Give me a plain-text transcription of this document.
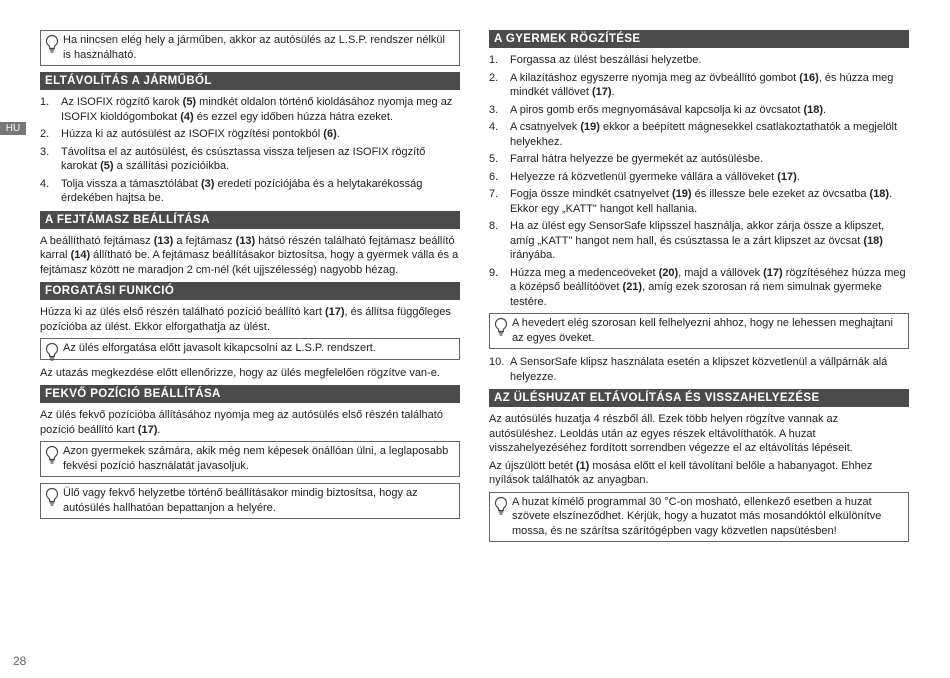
HU
Ha nincsen elég hely a járműben, akkor az autósülés az L.S.P. rendszer nélkül is használható.
ELTÁVOLÍTÁS A JÁRMŰBŐL
1. Az ISOFIX rögzítő karok (5) mindkét oldalon történő kioldásához nyomja meg az ISOFIX kioldógombokat (4) és ezzel egy időben húzza hátra ezeket.
2. Húzza ki az autósülést az ISOFIX rögzítési pontokból (6).
3. Távolítsa el az autósülést, és csúsztassa vissza teljesen az ISOFIX rögzítő karokat (5) a szállítási pozícióikba.
4. Tolja vissza a támasztólábat (3) eredeti pozíciójába és a helytakarékosság érdekében hajtsa be.
A FEJTÁMASZ BEÁLLÍTÁSA
A beállítható fejtámasz (13) a fejtámasz (13) hátsó részén található fejtámasz beállító karral (14) állítható be. A fejtámasz beállításakor biztosítsa, hogy a gyermek válla és a fejtámasz között ne maradjon 2 cm-nél (két ujjszélesség) nagyobb hézag.
FORGATÁSI FUNKCIÓ
Húzza ki az ülés első részén található pozíció beállító kart (17), és állítsa függőleges pozícióba az ülést. Ekkor elforgathatja az ülést.
Az ülés elforgatása előtt javasolt kikapcsolni az L.S.P. rendszert.
Az utazás megkezdése előtt ellenőrizze, hogy az ülés megfelelően rögzítve van-e.
FEKVŐ POZÍCIÓ BEÁLLÍTÁSA
Az ülés fekvő pozícióba állításához nyomja meg az autósülés első részén található pozíció beállító kart (17).
Azon gyermekek számára, akik még nem képesek önállóan ülni, a leglaposabb fekvési pozíció használatát javasoljuk.
Ülő vagy fekvő helyzetbe történő beállításakor mindig biztosítsa, hogy az autósülés hallhatóan bepattanjon a helyére.
A GYERMEK RÖGZÍTÉSE
1. Forgassa az ülést beszállási helyzetbe.
2. A kilazításhoz egyszerre nyomja meg az övbeállító gombot (16), és húzza meg mindkét vállövet (17).
3. A piros gomb erős megnyomásával kapcsolja ki az övcsatot (18).
4. A csatnyelvek (19) ekkor a beépített mágnesekkel csatlakoztathatók a megjelölt helyekhez.
5. Farral hátra helyezze be gyermekét az autósülésbe.
6. Helyezze rá közvetlenül gyermeke vállára a vállöveket (17).
7. Fogja össze mindkét csatnyelvet (19) és illessze bele ezeket az övcsatba (18). Ekkor egy „KATT" hangot kell hallania.
8. Ha az ülést egy SensorSafe klipsszel használja, akkor zárja össze a klipszet, amíg „KATT" hangot nem hall, és csúsztassa le a zárt klipszet az övcsat (18) irányába.
9. Húzza meg a medenceöveket (20), majd a vállövek (17) rögzítéséhez húzza meg a középső beállítóövet (21), amíg ezek szorosan rá nem simulnak gyermeke testére.
A hevedert elég szorosan kell felhelyezni ahhoz, hogy ne lehessen meghajtani az egyes öveket.
10. A SensorSafe klipsz használata esetén a klipszet közvetlenül a vállpárnák alá helyezze.
AZ ÜLÉSHUZAT ELTÁVOLÍTÁSA ÉS VISSZAHELYEZÉSE
Az autósülés huzatja 4 részből áll. Ezek több helyen rögzítve vannak az autósüléshez. Leoldás után az egyes részek eltávolíthatók. A huzat visszahelyezéséhez fordított sorrendben végezze el az eltávolítás lépéseit.
Az újszülött betét (1) mosása előtt el kell távolítani belőle a habanyagot. Ehhez nyílások találhatók az anyagban.
A huzat kímélő programmal 30 °C-on mosható, ellenkező esetben a huzat szövete elszíneződhet. Kérjük, hogy a huzatot más mosandóktól elkülönítve mossa, és ne szárítsa szárítógépben vagy közvetlen napsütésben!
28
